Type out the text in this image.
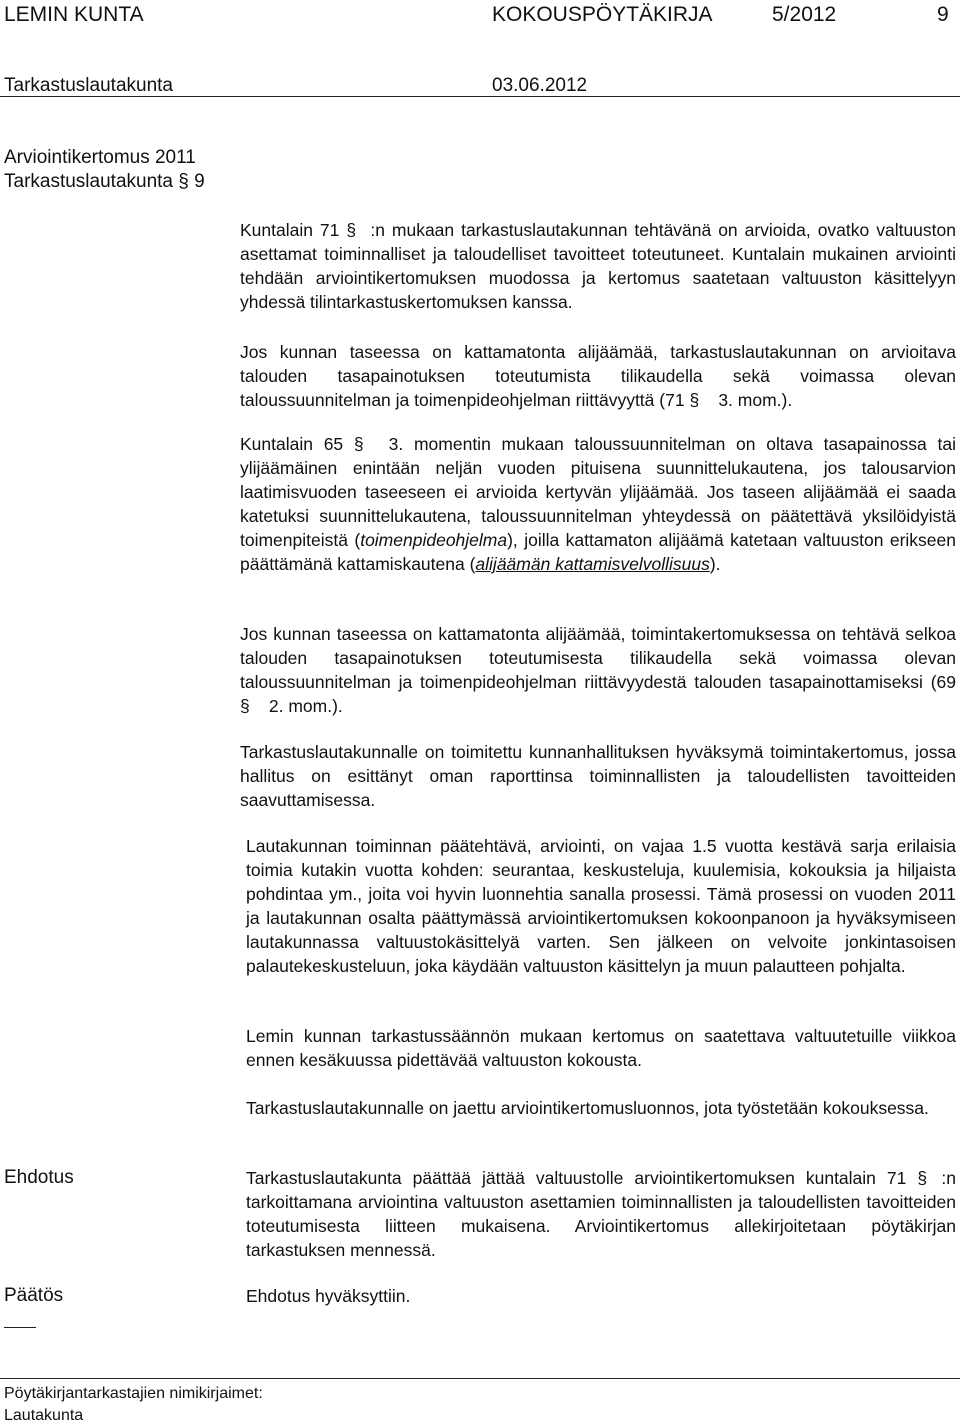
LEMIN KUNTA	KOKOUSPÖYTÄKIRJA	5/2012	9
Tarkastuslautakunta	03.06.2012
Arviointikertomus 2011
Tarkastuslautakunta § 9
Kuntalain 71 § :n mukaan tarkastuslautakunnan tehtävänä on arvioida, ovatko valtuuston asettamat toiminnalliset ja taloudelliset tavoitteet toteutuneet. Kuntalain mukainen arviointi tehdään arviointikertomuksen muodossa ja kertomus saatetaan valtuuston käsittelyyn yhdessä tilintarkastuskertomuksen kanssa.
Jos kunnan taseessa on kattamatonta alijäämää, tarkastuslautakunnan on arvioitava talouden tasapainotuksen toteutumista tilikaudella sekä voimassa olevan taloussuunnitelman ja toimenpideohjelman riittävyyttä (71 § 3. mom.).
Kuntalain 65 § 3. momentin mukaan taloussuunnitelman on oltava tasapainossa tai ylijäämäinen enintään neljän vuoden pituisena suunnittelukautena, jos talousarvion laatimisvuoden taseeseen ei arvioida kertyvän ylijäämää. Jos taseen alijäämää ei saada katetuksi suunnittelukautena, taloussuunnitelman yhteydessä on päätettävä yksilöidyistä toimenpiteistä (toimenpideohjelma), joilla kattamaton alijäämä katetaan valtuuston erikseen päättämänä kattamiskautena (alijäämän kattamisvelvollisuus).
Jos kunnan taseessa on kattamatonta alijäämää, toimintakertomuksessa on tehtävä selkoa talouden tasapainotuksen toteutumisesta tilikaudella sekä voimassa olevan taloussuunnitelman ja toimenpideohjelman riittävyydestä talouden tasapainottamiseksi (69 § 2. mom.).
Tarkastuslautakunnalle on toimitettu kunnanhallituksen hyväksymä toimintakertomus, jossa hallitus on esittänyt oman raporttinsa toiminnallisten ja taloudellisten tavoitteiden saavuttamisessa.
Lautakunnan toiminnan päätehtävä, arviointi, on vajaa 1.5 vuotta kestävä sarja erilaisia toimia kutakin vuotta kohden: seurantaa, keskusteluja, kuulemisia, kokouksia ja hiljaista pohdintaa ym., joita voi hyvin luonnehtia sanalla prosessi. Tämä prosessi on vuoden 2011 ja lautakunnan osalta päättymässä arviointikertomuksen kokoonpanoon ja hyväksymiseen lautakunnassa valtuustokäsittelyä varten. Sen jälkeen on velvoite jonkintasoisen palautekeskusteluun, joka käydään valtuuston käsittelyn ja muun palautteen pohjalta.
Lemin kunnan tarkastussäännön mukaan kertomus on saatettava valtuutetuille viikkoa ennen kesäkuussa pidettävää valtuuston kokousta.
Tarkastuslautakunnalle on jaettu arviointikertomusluonnos, jota työstetään kokouksessa.
Ehdotus	Tarkastuslautakunta päättää jättää valtuustolle arviointikertomuksen kuntalain 71 § :n tarkoittamana arviointina valtuuston asettamien toiminnallisten ja taloudellisten tavoitteiden toteutumisesta liitteen mukaisena. Arviointikertomus allekirjoitetaan pöytäkirjan tarkastuksen mennessä.
Päätös	Ehdotus hyväksyttiin.
Pöytäkirjantarkastajien nimikirjaimet:
Lautakunta
